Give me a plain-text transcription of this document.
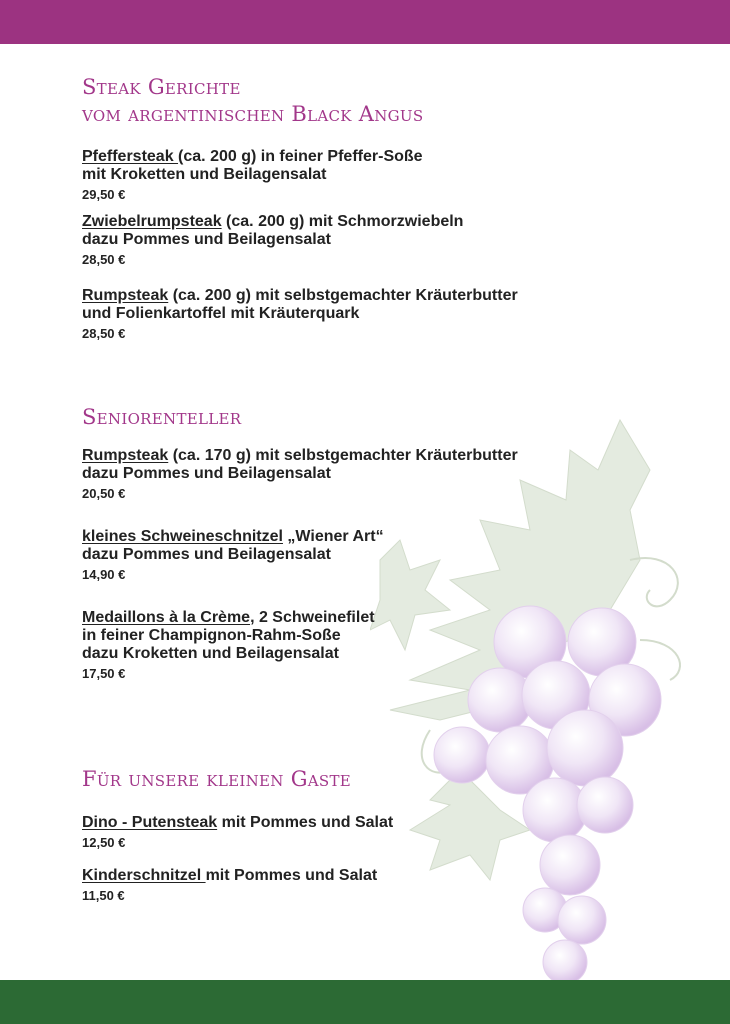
Steak Gerichte
vom argentinischen Black Angus
Pfeffersteak (ca. 200 g) in feiner Pfeffer-Soße
mit Kroketten und Beilagensalat
29,50 €
Zwiebelrumpsteak (ca. 200 g) mit Schmorzwiebeln
dazu Pommes und Beilagensalat
28,50 €
Rumpsteak (ca. 200 g) mit selbstgemachter Kräuterbutter
und Folienkartoffel mit Kräuterquark
28,50 €
Seniorenteller
Rumpsteak (ca. 170 g) mit selbstgemachter Kräuterbutter
dazu Pommes und Beilagensalat
20,50 €
kleines Schweineschnitzel „Wiener Art“
dazu Pommes und Beilagensalat
14,90 €
Medaillons à la Crème, 2 Schweinefilet
in feiner Champignon-Rahm-Soße
dazu Kroketten und Beilagensalat
17,50 €
Für unsere kleinen Gaste
Dino - Putensteak mit Pommes und Salat
12,50 €
Kinderschnitzel mit Pommes und Salat
11,50 €
